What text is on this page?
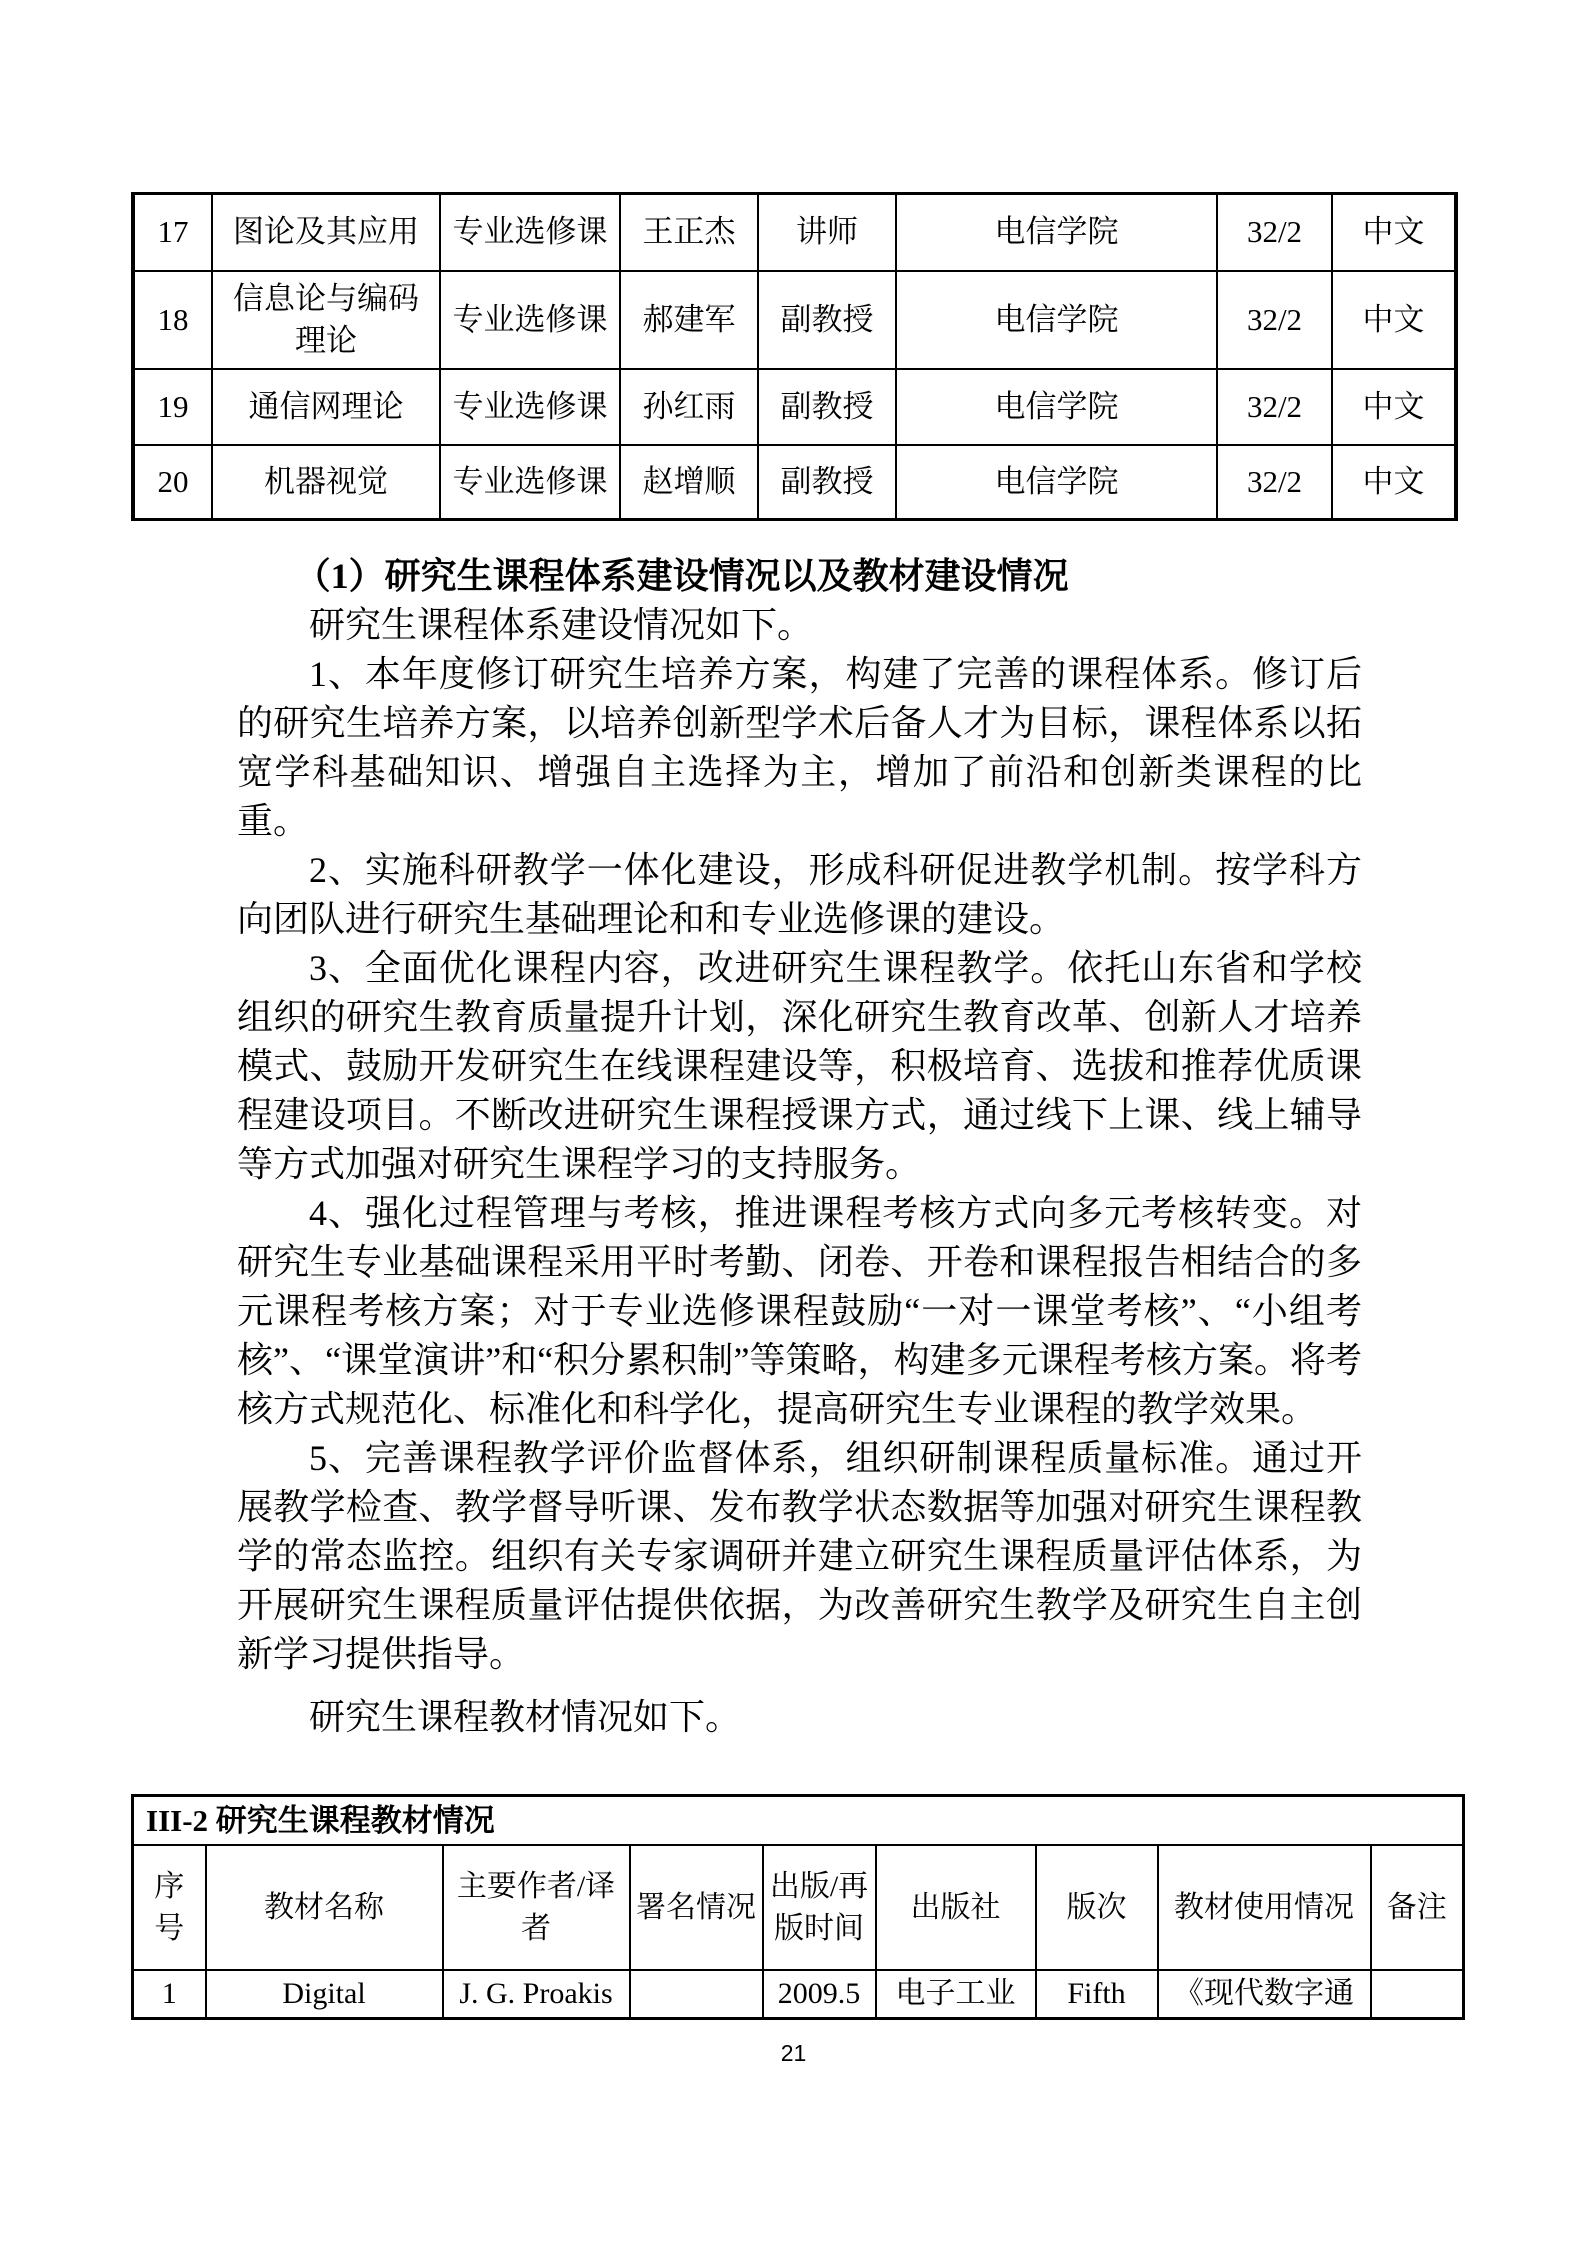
17	图论及其应用	专业选修课	王正杰	讲师	电信学院	32/2	中文
18	信息论与编码理论	专业选修课	郝建军	副教授	电信学院	32/2	中文
19	通信网理论	专业选修课	孙红雨	副教授	电信学院	32/2	中文
20	机器视觉	专业选修课	赵增顺	副教授	电信学院	32/2	中文

（1）研究生课程体系建设情况以及教材建设情况

研究生课程体系建设情况如下。

1、本年度修订研究生培养方案，构建了完善的课程体系。修订后的研究生培养方案，以培养创新型学术后备人才为目标，课程体系以拓宽学科基础知识、增强自主选择为主，增加了前沿和创新类课程的比重。

2、实施科研教学一体化建设，形成科研促进教学机制。按学科方向团队进行研究生基础理论和和专业选修课的建设。

3、全面优化课程内容，改进研究生课程教学。依托山东省和学校组织的研究生教育质量提升计划，深化研究生教育改革、创新人才培养模式、鼓励开发研究生在线课程建设等，积极培育、选拔和推荐优质课程建设项目。不断改进研究生课程授课方式，通过线下上课、线上辅导等方式加强对研究生课程学习的支持服务。

4、强化过程管理与考核，推进课程考核方式向多元考核转变。对研究生专业基础课程采用平时考勤、闭卷、开卷和课程报告相结合的多元课程考核方案；对于专业选修课程鼓励“一对一课堂考核”、“小组考核”、“课堂演讲”和“积分累积制”等策略，构建多元课程考核方案。将考核方式规范化、标准化和科学化，提高研究生专业课程的教学效果。

5、完善课程教学评价监督体系，组织研制课程质量标准。通过开展教学检查、教学督导听课、发布教学状态数据等加强对研究生课程教学的常态监控。组织有关专家调研并建立研究生课程质量评估体系，为开展研究生课程质量评估提供依据，为改善研究生教学及研究生自主创新学习提供指导。

研究生课程教材情况如下。

III-2 研究生课程教材情况								
序号	教材名称	主要作者/译者	署名情况	出版/再版时间	出版社	版次	教材使用情况	备注
1	Digital	J. G. Proakis		2009.5	电子工业	Fifth	《现代数字通	
21
